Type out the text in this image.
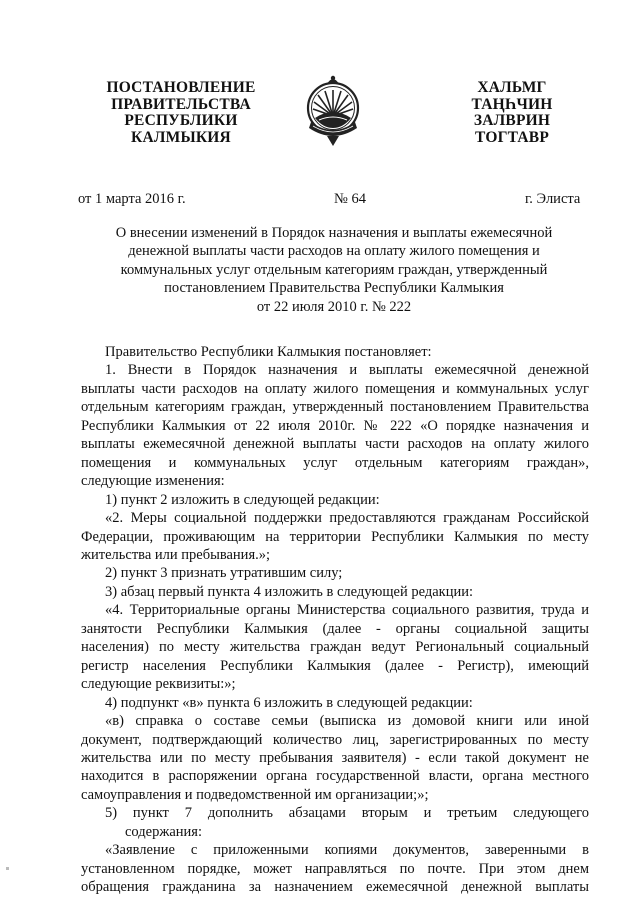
ПОСТАНОВЛЕНИЕ
ПРАВИТЕЛЬСТВА
РЕСПУБЛИКИ
КАЛМЫКИЯ
ХАЛЬМГ
ТАҢҺЧИН
ЗАЛВРИН
ТОГТАВР
от 1 марта 2016 г.	№ 64	г. Элиста
О внесении изменений в Порядок назначения и выплаты ежемесячной
денежной выплаты части расходов на оплату жилого помещения и
коммунальных услуг отдельным категориям граждан, утвержденный
постановлением Правительства Республики Калмыкия
от 22 июля 2010 г. № 222
Правительство Республики Калмыкия постановляет:
1. Внести в Порядок назначения и выплаты ежемесячной денежной
выплаты части расходов на оплату жилого помещения и коммунальных услуг
отдельным категориям граждан, утвержденный постановлением Правительства
Республики Калмыкия от 22 июля 2010г. № 222 «О порядке назначения и
выплаты ежемесячной денежной выплаты части расходов на оплату жилого
помещения и коммунальных услуг отдельным категориям граждан»,
следующие изменения:
1) пункт 2 изложить в следующей редакции:
«2. Меры социальной поддержки предоставляются гражданам Российской
Федерации, проживающим на территории Республики Калмыкия по месту
жительства или пребывания.»;
2) пункт 3 признать утратившим силу;
3) абзац первый пункта 4 изложить в следующей редакции:
«4. Территориальные органы Министерства социального развития, труда и
занятости Республики Калмыкия (далее - органы социальной защиты
населения) по месту жительства граждан ведут Региональный социальный
регистр населения Республики Калмыкия (далее - Регистр), имеющий
следующие реквизиты:»;
4) подпункт «в» пункта 6 изложить в следующей редакции:
«в) справка о составе семьи (выписка из домовой книги или иной
документ, подтверждающий количество лиц, зарегистрированных по месту
жительства или по месту пребывания заявителя) - если такой документ не
находится в распоряжении органа государственной власти, органа местного
самоуправления и подведомственной им организации;»;
5) пункт 7 дополнить абзацами вторым и третьим следующего
содержания:
«Заявление с приложенными копиями документов, заверенными в
установленном порядке, может направляться по почте. При этом днем
обращения гражданина за назначением ежемесячной денежной выплаты
